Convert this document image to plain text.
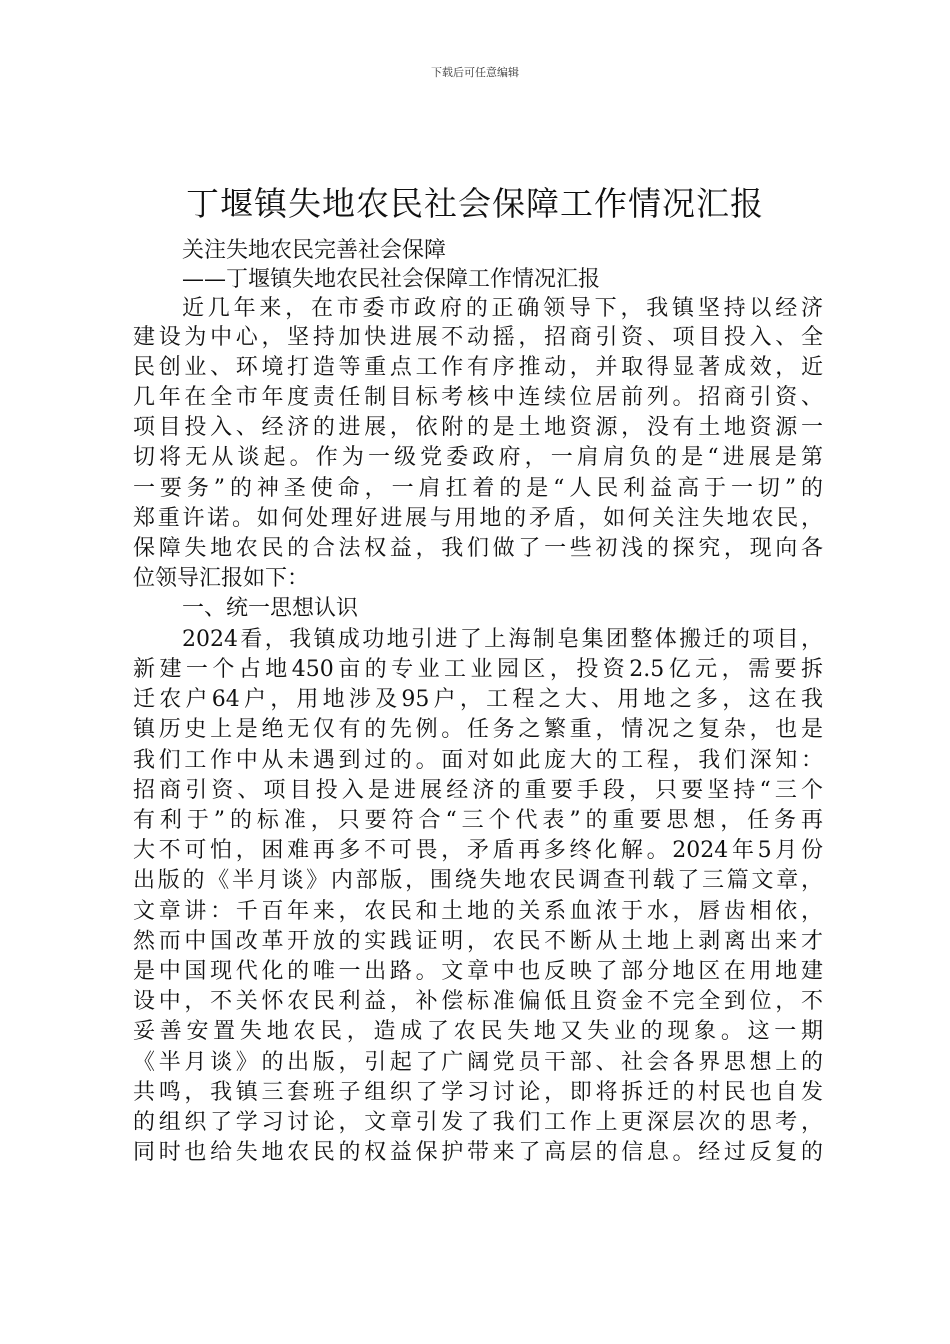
下载后可任意编辑
丁堰镇失地农民社会保障工作情况汇报
关注失地农民完善社会保障
——丁堰镇失地农民社会保障工作情况汇报
近几年来，在市委市政府的正确领导下，我镇坚持以经济
建设为中心，坚持加快进展不动摇，招商引资、项目投入、全
民创业、环境打造等重点工作有序推动，并取得显著成效，近
几年在全市年度责任制目标考核中连续位居前列。招商引资、
项目投入、经济的进展，依附的是土地资源，没有土地资源一
切将无从谈起。作为一级党委政府，一肩肩负的是“进展是第
一要务”的神圣使命，一肩扛着的是“人民利益高于一切”的
郑重许诺。如何处理好进展与用地的矛盾，如何关注失地农民，
保障失地农民的合法权益，我们做了一些初浅的探究，现向各
位领导汇报如下：
一、统一思想认识
2024看，我镇成功地引进了上海制皂集团整体搬迁的项目，
新建一个占地450亩的专业工业园区，投资2.5亿元，需要拆
迁农户64户，用地涉及95户，工程之大、用地之多，这在我
镇历史上是绝无仅有的先例。任务之繁重，情况之复杂，也是
我们工作中从未遇到过的。面对如此庞大的工程，我们深知：
招商引资、项目投入是进展经济的重要手段，只要坚持“三个
有利于”的标准，只要符合“三个代表”的重要思想，任务再
大不可怕，困难再多不可畏，矛盾再多终化解。2024年5月份
出版的《半月谈》内部版，围绕失地农民调查刊载了三篇文章，
文章讲：千百年来，农民和土地的关系血浓于水，唇齿相依，
然而中国改革开放的实践证明，农民不断从土地上剥离出来才
是中国现代化的唯一出路。文章中也反映了部分地区在用地建
设中，不关怀农民利益，补偿标准偏低且资金不完全到位，不
妥善安置失地农民，造成了农民失地又失业的现象。这一期
《半月谈》的出版，引起了广阔党员干部、社会各界思想上的
共鸣，我镇三套班子组织了学习讨论，即将拆迁的村民也自发
的组织了学习讨论，文章引发了我们工作上更深层次的思考，
同时也给失地农民的权益保护带来了高层的信息。经过反复的
